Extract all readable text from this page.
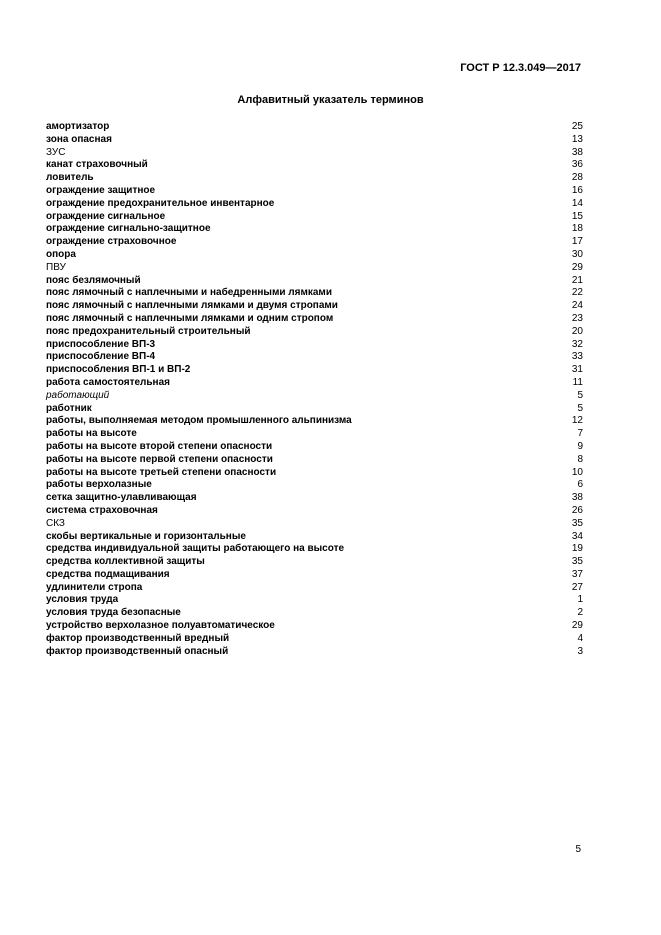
ГОСТ Р 12.3.049—2017
Алфавитный указатель терминов
амортизатор	25
зона опасная	13
ЗУС	38
канат страховочный	36
ловитель	28
ограждение защитное	16
ограждение предохранительное инвентарное	14
ограждение сигнальное	15
ограждение сигнально-защитное	18
ограждение страховочное	17
опора	30
ПВУ	29
пояс безлямочный	21
пояс лямочный с наплечными и набедренными лямками	22
пояс лямочный с наплечными лямками и двумя стропами	24
пояс лямочный с наплечными лямками и одним стропом	23
пояс предохранительный строительный	20
приспособление ВП-3	32
приспособление ВП-4	33
приспособления ВП-1 и ВП-2	31
работа самостоятельная	11
работающий	5
работник	5
работы, выполняемая методом промышленного альпинизма	12
работы на высоте	7
работы на высоте второй степени опасности	9
работы на высоте первой степени опасности	8
работы на высоте третьей степени опасности	10
работы верхолазные	6
сетка защитно-улавливающая	38
система страховочная	26
СКЗ	35
скобы вертикальные и горизонтальные	34
средства индивидуальной защиты работающего на высоте	19
средства коллективной защиты	35
средства подмащивания	37
удлинители стропа	27
условия труда	1
условия труда безопасные	2
устройство верхолазное полуавтоматическое	29
фактор производственный вредный	4
фактор производственный опасный	3
5
